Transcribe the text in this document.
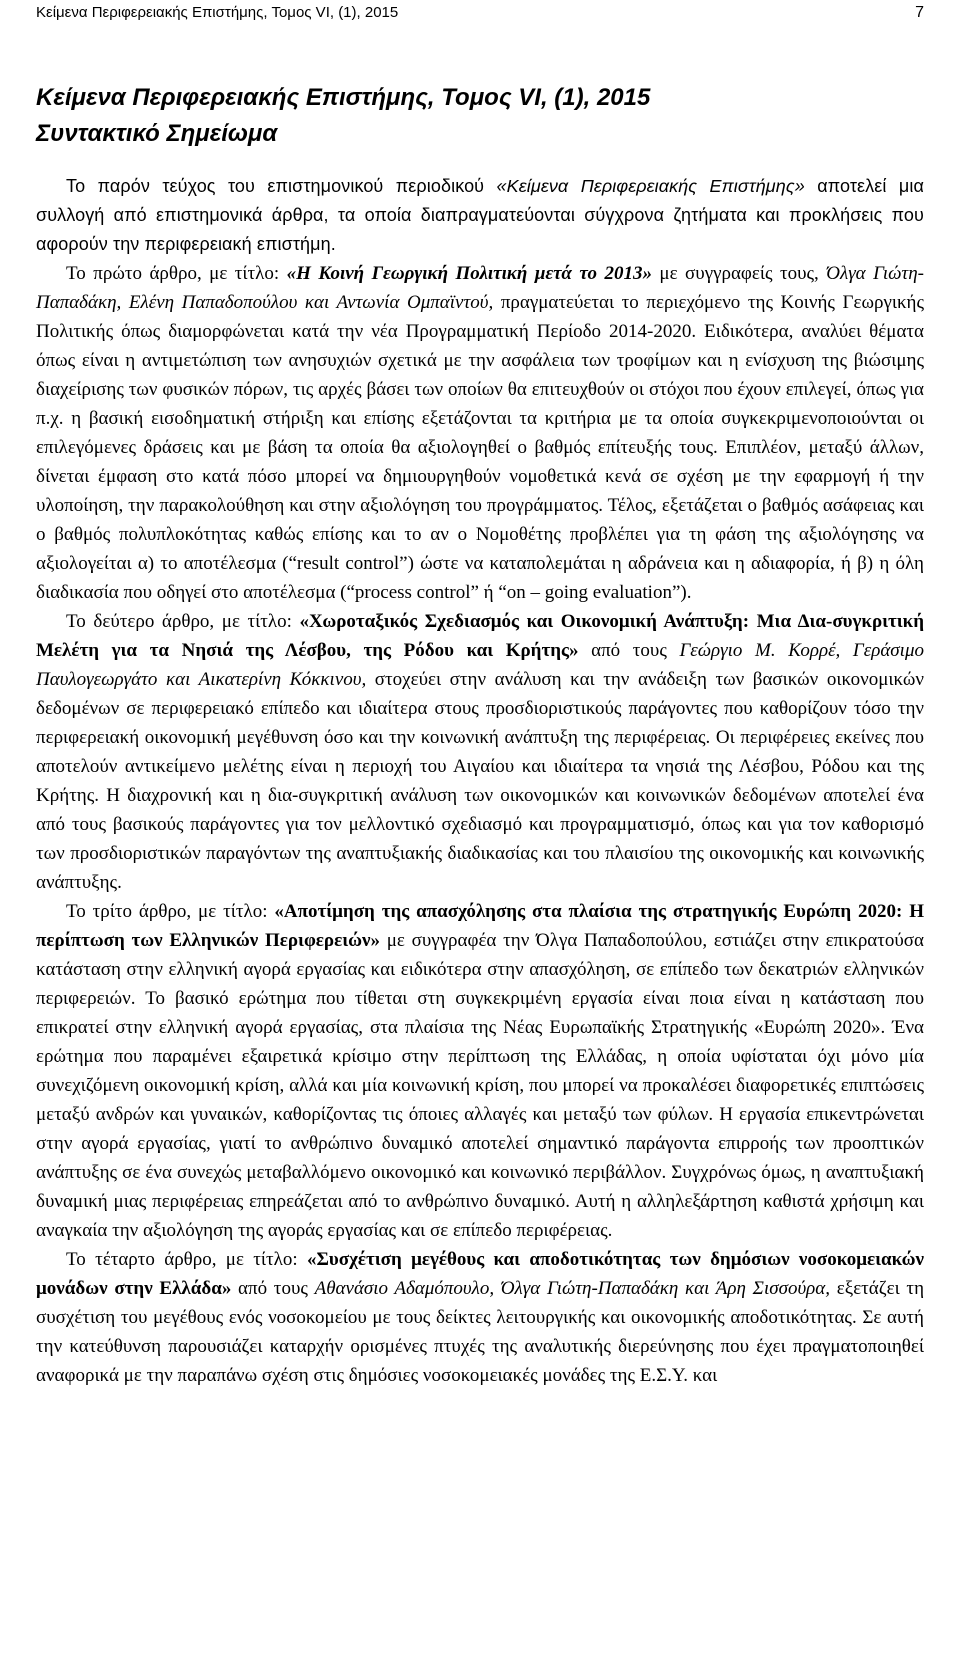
Κείμενα Περιφερειακής Επιστήμης, Τομος VI, (1), 2015	7
Κείμενα Περιφερειακής Επιστήμης, Τομος VI, (1), 2015
Συντακτικό Σημείωμα

Το παρόν τεύχος του επιστημονικού περιοδικού «Κείμενα Περιφερειακής Επιστήμης» αποτελεί μια συλλογή από επιστημονικά άρθρα, τα οποία διαπραγματεύονται σύγχρονα ζητήματα και προκλήσεις που αφορούν την περιφερειακή επιστήμη.

Το πρώτο άρθρο, με τίτλο: «Η Κοινή Γεωργική Πολιτική μετά το 2013» με συγγραφείς τους, Όλγα Γιώτη-Παπαδάκη, Ελένη Παπαδοπούλου και Αντωνία Ομπαϊντού, πραγματεύεται το περιεχόμενο της Κοινής Γεωργικής Πολιτικής όπως διαμορφώνεται κατά την νέα Προγραμματική Περίοδο 2014-2020. Ειδικότερα, αναλύει θέματα όπως είναι η αντιμετώπιση των ανησυχιών σχετικά με την ασφάλεια των τροφίμων και η ενίσχυση της βιώσιμης διαχείρισης των φυσικών πόρων, τις αρχές βάσει των οποίων θα επιτευχθούν οι στόχοι που έχουν επιλεγεί, όπως για π.χ. η βασική εισοδηματική στήριξη και επίσης εξετάζονται τα κριτήρια με τα οποία συγκεκριμενοποιούνται οι επιλεγόμενες δράσεις και με βάση τα οποία θα αξιολογηθεί ο βαθμός επίτευξής τους. Επιπλέον, μεταξύ άλλων, δίνεται έμφαση στο κατά πόσο μπορεί να δημιουργηθούν νομοθετικά κενά σε σχέση με την εφαρμογή ή την υλοποίηση, την παρακολούθηση και στην αξιολόγηση του προγράμματος. Τέλος, εξετάζεται ο βαθμός ασάφειας και ο βαθμός πολυπλοκότητας καθώς επίσης και το αν ο Νομοθέτης προβλέπει για τη φάση της αξιολόγησης να αξιολογείται α) το αποτέλεσμα (“result control”) ώστε να καταπολεμάται η αδράνεια και η αδιαφορία, ή β) η όλη διαδικασία που οδηγεί στο αποτέλεσμα (“process control” ή “on – going evaluation”).

Το δεύτερο άρθρο, με τίτλο: «Χωροταξικός Σχεδιασμός και Οικονομική Ανάπτυξη: Μια Δια-συγκριτική Μελέτη για τα Νησιά της Λέσβου, της Ρόδου και Κρήτης» από τους Γεώργιο Μ. Κορρέ, Γεράσιμο Παυλογεωργάτο και Αικατερίνη Κόκκινου, στοχεύει στην ανάλυση και την ανάδειξη των βασικών οικονομικών δεδομένων σε περιφερειακό επίπεδο και ιδιαίτερα στους προσδιοριστικούς παράγοντες που καθορίζουν τόσο την περιφερειακή οικονομική μεγέθυνση όσο και την κοινωνική ανάπτυξη της περιφέρειας. Οι περιφέρειες εκείνες που αποτελούν αντικείμενο μελέτης είναι η περιοχή του Αιγαίου και ιδιαίτερα τα νησιά της Λέσβου, Ρόδου και της Κρήτης. Η διαχρονική και η δια-συγκριτική ανάλυση των οικονομικών και κοινωνικών δεδομένων αποτελεί ένα από τους βασικούς παράγοντες για τον μελλοντικό σχεδιασμό και προγραμματισμό, όπως και για τον καθορισμό των προσδιοριστικών παραγόντων της αναπτυξιακής διαδικασίας και του πλαισίου της οικονομικής και κοινωνικής ανάπτυξης.

Το τρίτο άρθρο, με τίτλο: «Αποτίμηση της απασχόλησης στα πλαίσια της στρατηγικής Ευρώπη 2020: Η περίπτωση των Ελληνικών Περιφερειών» με συγγραφέα την Όλγα Παπαδοπούλου, εστιάζει στην επικρατούσα κατάσταση στην ελληνική αγορά εργασίας και ειδικότερα στην απασχόληση, σε επίπεδο των δεκατριών ελληνικών περιφερειών. Το βασικό ερώτημα που τίθεται στη συγκεκριμένη εργασία είναι ποια είναι η κατάσταση που επικρατεί στην ελληνική αγορά εργασίας, στα πλαίσια της Νέας Ευρωπαϊκής Στρατηγικής «Ευρώπη 2020». Ένα ερώτημα που παραμένει εξαιρετικά κρίσιμο στην περίπτωση της Ελλάδας, η οποία υφίσταται όχι μόνο μία συνεχιζόμενη οικονομική κρίση, αλλά και μία κοινωνική κρίση, που μπορεί να προκαλέσει διαφορετικές επιπτώσεις μεταξύ ανδρών και γυναικών, καθορίζοντας τις όποιες αλλαγές και μεταξύ των φύλων. Η εργασία επικεντρώνεται στην αγορά εργασίας, γιατί το ανθρώπινο δυναμικό αποτελεί σημαντικό παράγοντα επιρροής των προοπτικών ανάπτυξης σε ένα συνεχώς μεταβαλλόμενο οικονομικό και κοινωνικό περιβάλλον. Συγχρόνως όμως, η αναπτυξιακή δυναμική μιας περιφέρειας επηρεάζεται από το ανθρώπινο δυναμικό. Αυτή η αλληλεξάρτηση καθιστά χρήσιμη και αναγκαία την αξιολόγηση της αγοράς εργασίας και σε επίπεδο περιφέρειας.

Το τέταρτο άρθρο, με τίτλο: «Συσχέτιση μεγέθους και αποδοτικότητας των δημόσιων νοσοκομειακών μονάδων στην Ελλάδα» από τους Αθανάσιο Αδαμόπουλο, Όλγα Γιώτη-Παπαδάκη και Άρη Σισσούρα, εξετάζει τη συσχέτιση του μεγέθους ενός νοσοκομείου με τους δείκτες λειτουργικής και οικονομικής αποδοτικότητας. Σε αυτή την κατεύθυνση παρουσιάζει καταρχήν ορισμένες πτυχές της αναλυτικής διερεύνησης που έχει πραγματοποιηθεί αναφορικά με την παραπάνω σχέση στις δημόσιες νοσοκομειακές μονάδες της Ε.Σ.Υ. και
